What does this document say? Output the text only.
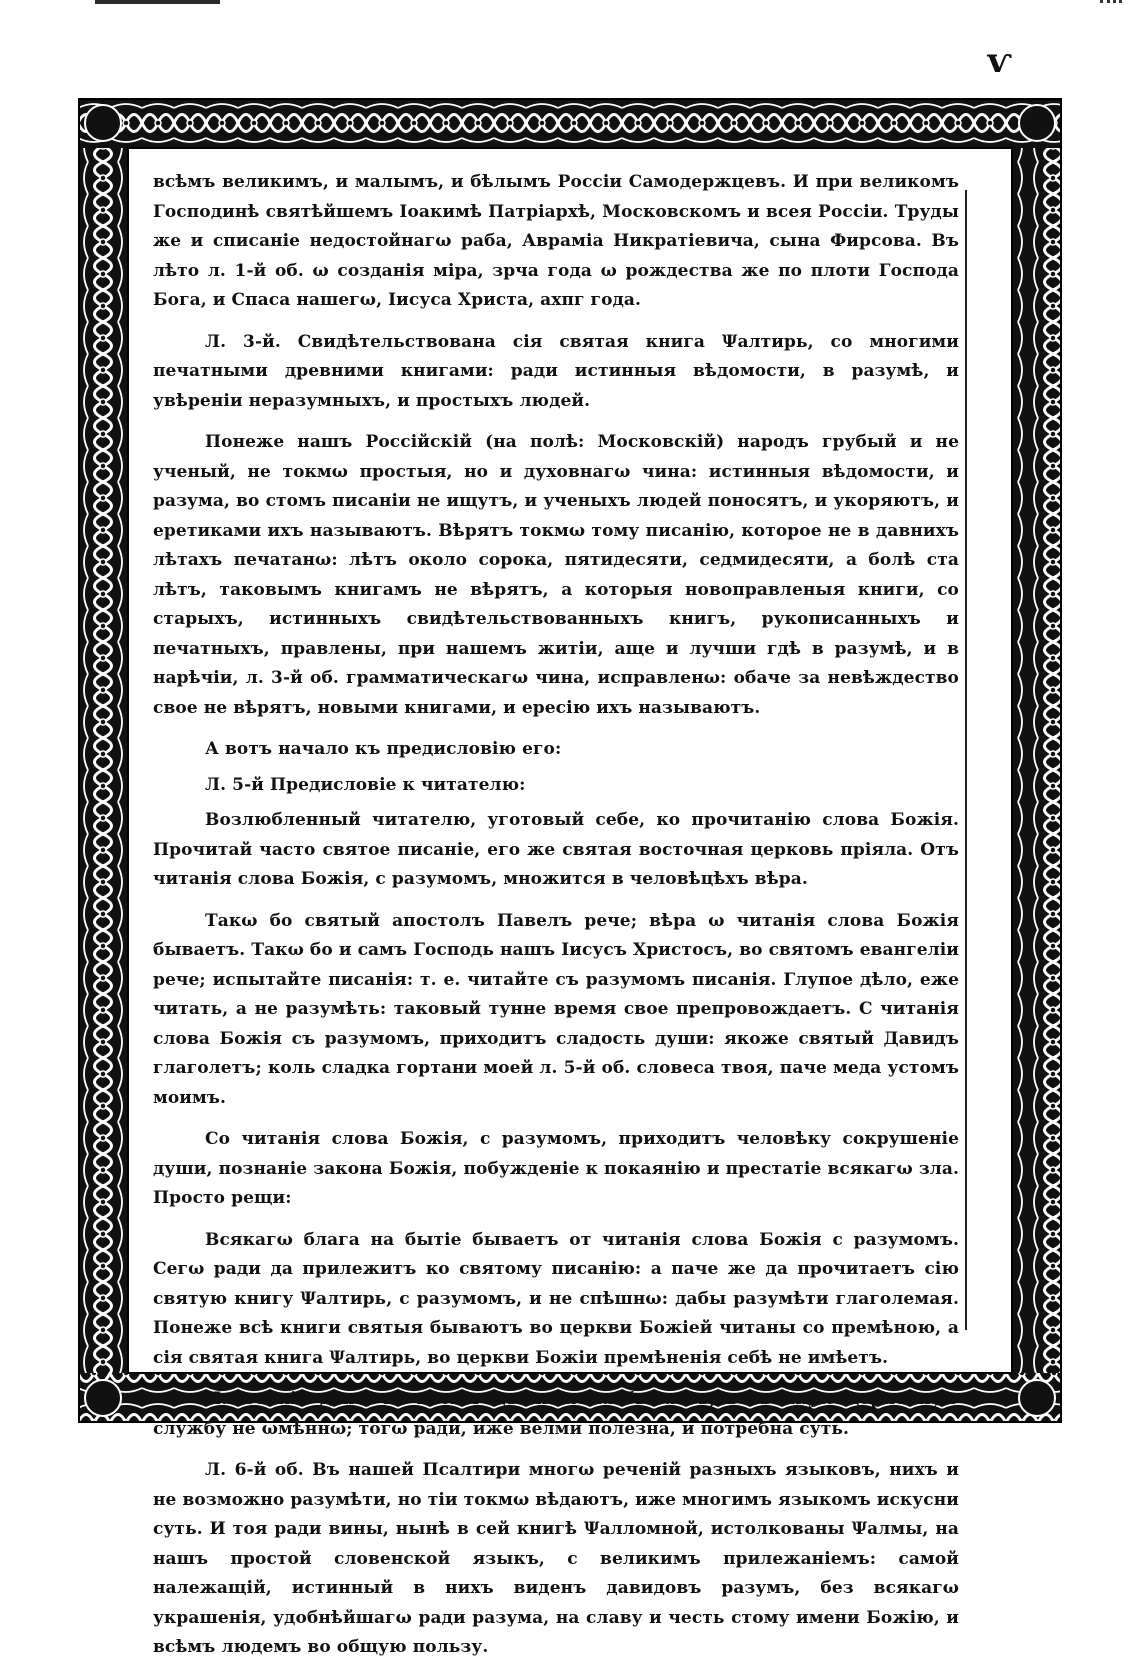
ѵ

всѣмъ великимъ, и малымъ, и бѣлымъ Россіи Самодержцевъ. И при великомъ Господинѣ святѣйшемъ Іоакимѣ Патріархѣ, Московскомъ и всея Россіи. Труды же и списаніе недостойнагω раба, Авраміа Никратіевича, сына Фирсова. Въ лѣто л. 1-й об. ω созданія міра, зрча года ω рождества же по плоти Господа Бога, и Спаса нашегω, Іисуса Христа, ахпг года.

Л. 3-й. Свидѣтельствована сія святая книга Ψалтирь, со многими печатными древними книгами: ради истинныя вѣдомости, в разумѣ, и увѣреніи неразумныхъ, и простыхъ людей.

Понеже нашъ Россійскій (на полѣ: Московскій) народъ грубый и не ученый, не токмω простыя, но и духовнагω чина: истинныя вѣдомости, и разума, во стомъ писаніи не ищутъ, и ученыхъ людей поносятъ, и укоряютъ, и еретиками ихъ называютъ. Вѣрятъ токмω тому писанію, которое не в давнихъ лѣтахъ печатанω: лѣтъ около сорока, пятидесяти, седмидесяти, а болѣ ста лѣтъ, таковымъ книгамъ не вѣрятъ, а которыя новоправленыя книги, со старыхъ, истинныхъ свидѣтельствованныхъ книгъ, рукописанныхъ и печатныхъ, правлены, при нашемъ житіи, аще и лучши гдѣ в разумѣ, и в нарѣчіи, л. 3-й об. грамматическагω чина, исправленω: обаче за невѣждество свое не вѣрятъ, новыми книгами, и ересію ихъ называютъ.

А вотъ начало къ предисловію его:

Л. 5-й Предисловіе к читателю:

Возлюбленный читателю, уготовый себе, ко прочитанію слова Божія. Прочитай часто святое писаніе, его же святая восточная церковь пріяла. Отъ читанія слова Божія, с разумомъ, множится в человѣцѣхъ вѣра.

Такω бо святый апостолъ Павелъ рече; вѣра ω читанія слова Божія бываетъ. Такω бо и самъ Господь нашъ Іисусъ Христосъ, во святомъ евангеліи рече; испытайте писанія: т. е. читайте съ разумомъ писанія. Глупое дѣло, еже читать, а не разумѣть: таковый тунне время свое препровождаетъ. С читанія слова Божія съ разумомъ, приходитъ сладость души: якоже святый Давидъ глаголетъ; коль сладка гортани моей л. 5-й об. словеса твоя, паче меда устомъ моимъ.

Со читанія слова Божія, с разумомъ, приходитъ человѣку сокрушеніе души, познаніе закона Божія, побужденіе к покаянію и престатіе всякагω зла. Просто рещи:

Всякагω блага на бытіе бываетъ от читанія слова Божія с разумомъ. Сегω ради да прилежитъ ко святому писанію: а паче же да прочитаетъ сію святую книгу Ψалтирь, с разумомъ, и не спѣшнω: дабы разумѣти глаголемая. Понеже всѣ книги святыя бываютъ во церкви Божіей читаны со премѣною, а сія святая книга Ψалтирь, во церкви Божіи премѣненія себѣ не имѣетъ.

На всякій день, во весь годъ читаема бываетъ, во всякую церковную службу не ωмѣннω; тогω ради, иже велми полезна, и потребна суть.

Л. 6-й об. Въ нашей Псалтири многω реченій разныхъ языковъ, нихъ и не возможно разумѣти, но тіи токмω вѣдаютъ, иже многимъ языкомъ искусни суть. И тоя ради вины, нынѣ в сей книгѣ Ψалломной, истолкованы Ψалмы, на нашъ простой словенской языкъ, с великимъ прилежаніемъ: самой належащій, истинный в нихъ виденъ давидовъ разумъ, без всякагω украшенія, удобнѣйшагω ради разума, на славу и честь стому имени Божію, и всѣмъ людемъ во общую пользу.
